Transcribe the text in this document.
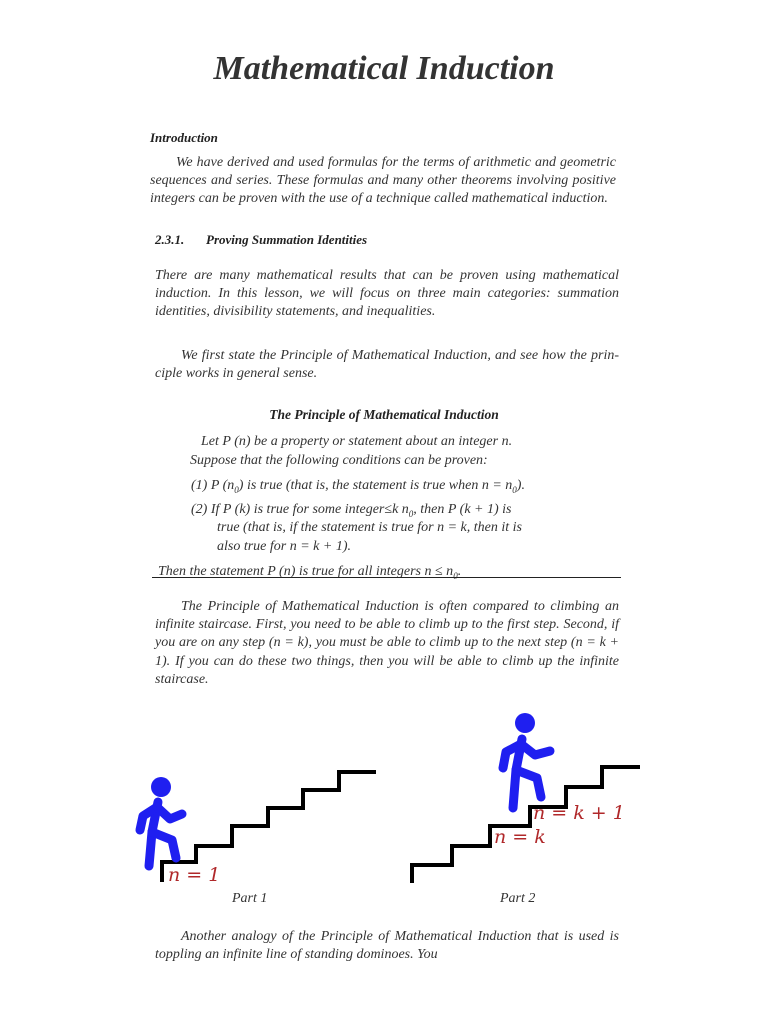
Mathematical Induction
Introduction
We have derived and used formulas for the terms of arithmetic and geometric sequences and series. These formulas and many other theorems involving positive integers can be proven with the use of a technique called mathematical induction.
2.3.1. Proving Summation Identities
There are many mathematical results that can be proven using mathematical induction. In this lesson, we will focus on three main categories: summation identities, divisibility statements, and inequalities.
We first state the Principle of Mathematical Induction, and see how the prin- ciple works in general sense.
The Principle of Mathematical Induction
Let P (n) be a property or statement about an integer n.
Suppose that the following conditions can be proven:
(1) P $(n_0)$ is true (that is, the statement is true when $n = n_0$).
(2) If P (k) is true for some integer≤k $n_0$, then P (k + 1) is
true (that is, if the statement is true for n = k, then it is
also true for n = k + 1).
Then the statement P (n) is true for all integers $n \le n_0$.
The Principle of Mathematical Induction is often compared to climbing an infinite staircase. First, you need to be able to climb up to the first step. Second, if you are on any step (n = k), you must be able to climb up to the next step (n = k + 1). If you can do these two things, then you will be able to climb up the infinite staircase.
n = 1
n = k
n = k + 1
Part 1	Part 2
Another analogy of the Principle of Mathematical Induction that is used is toppling an infinite line of standing dominoes. You
